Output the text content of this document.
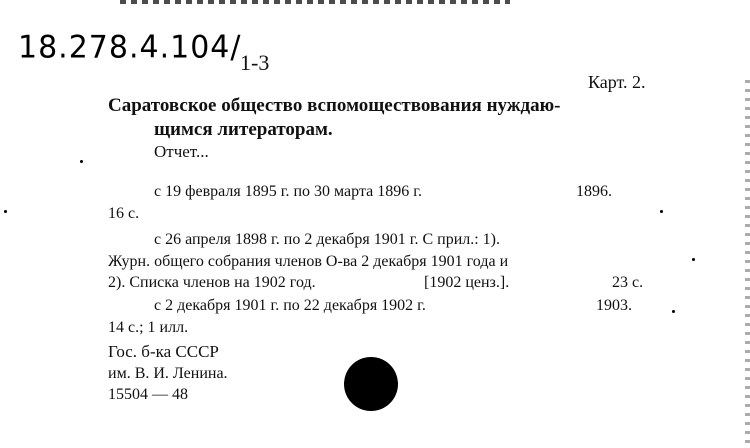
18.278.4.104/
1-3
Карт. 2.
Саратовское общество вспомоществования нуждаю-
щимся литераторам.
Отчет...
с 19 февраля 1895 г. по 30 марта 1896 г.	1896.
16 с.
с 26 апреля 1898 г. по 2 декабря 1901 г. С прил.: 1).
Журн. общего собрания членов О-ва 2 декабря 1901 года и
2). Списка членов на 1902 год.	[1902 ценз.].	23 с.
с 2 декабря 1901 г. по 22 декабря 1902 г.	1903.
14 с.; 1 илл.
Гос. б-ка СССР
им. В. И. Ленина.
15504 — 48
